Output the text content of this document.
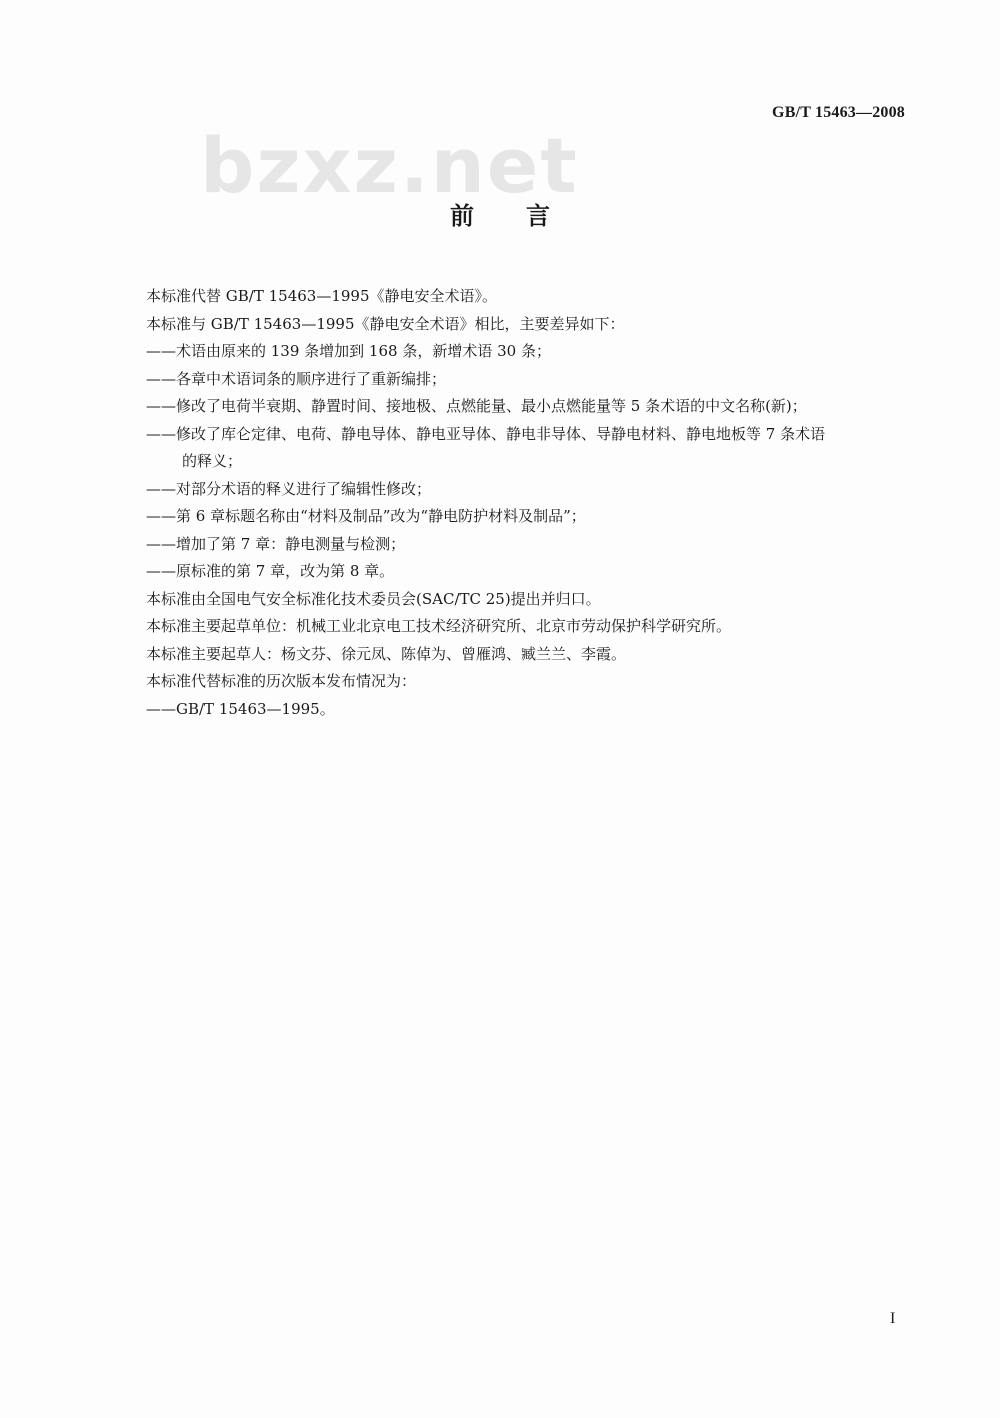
GB/T 15463—2008
bzxz.net
前言
本标准代替 GB/T 15463—1995《静电安全术语》。
本标准与 GB/T 15463—1995《静电安全术语》相比，主要差异如下：
——术语由原来的 139 条增加到 168 条，新增术语 30 条；
——各章中术语词条的顺序进行了重新编排；
——修改了电荷半衰期、静置时间、接地极、点燃能量、最小点燃能量等 5 条术语的中文名称(新)；
——修改了库仑定律、电荷、静电导体、静电亚导体、静电非导体、导静电材料、静电地板等 7 条术语
的释义；
——对部分术语的释义进行了编辑性修改；
——第 6 章标题名称由“材料及制品”改为“静电防护材料及制品”；
——增加了第 7 章：静电测量与检测；
——原标准的第 7 章，改为第 8 章。
本标准由全国电气安全标准化技术委员会(SAC/TC 25)提出并归口。
本标准主要起草单位：机械工业北京电工技术经济研究所、北京市劳动保护科学研究所。
本标准主要起草人：杨文芬、徐元凤、陈倬为、曾雁鸿、臧兰兰、李霞。
本标准代替标准的历次版本发布情况为：
——GB/T 15463—1995。
I
